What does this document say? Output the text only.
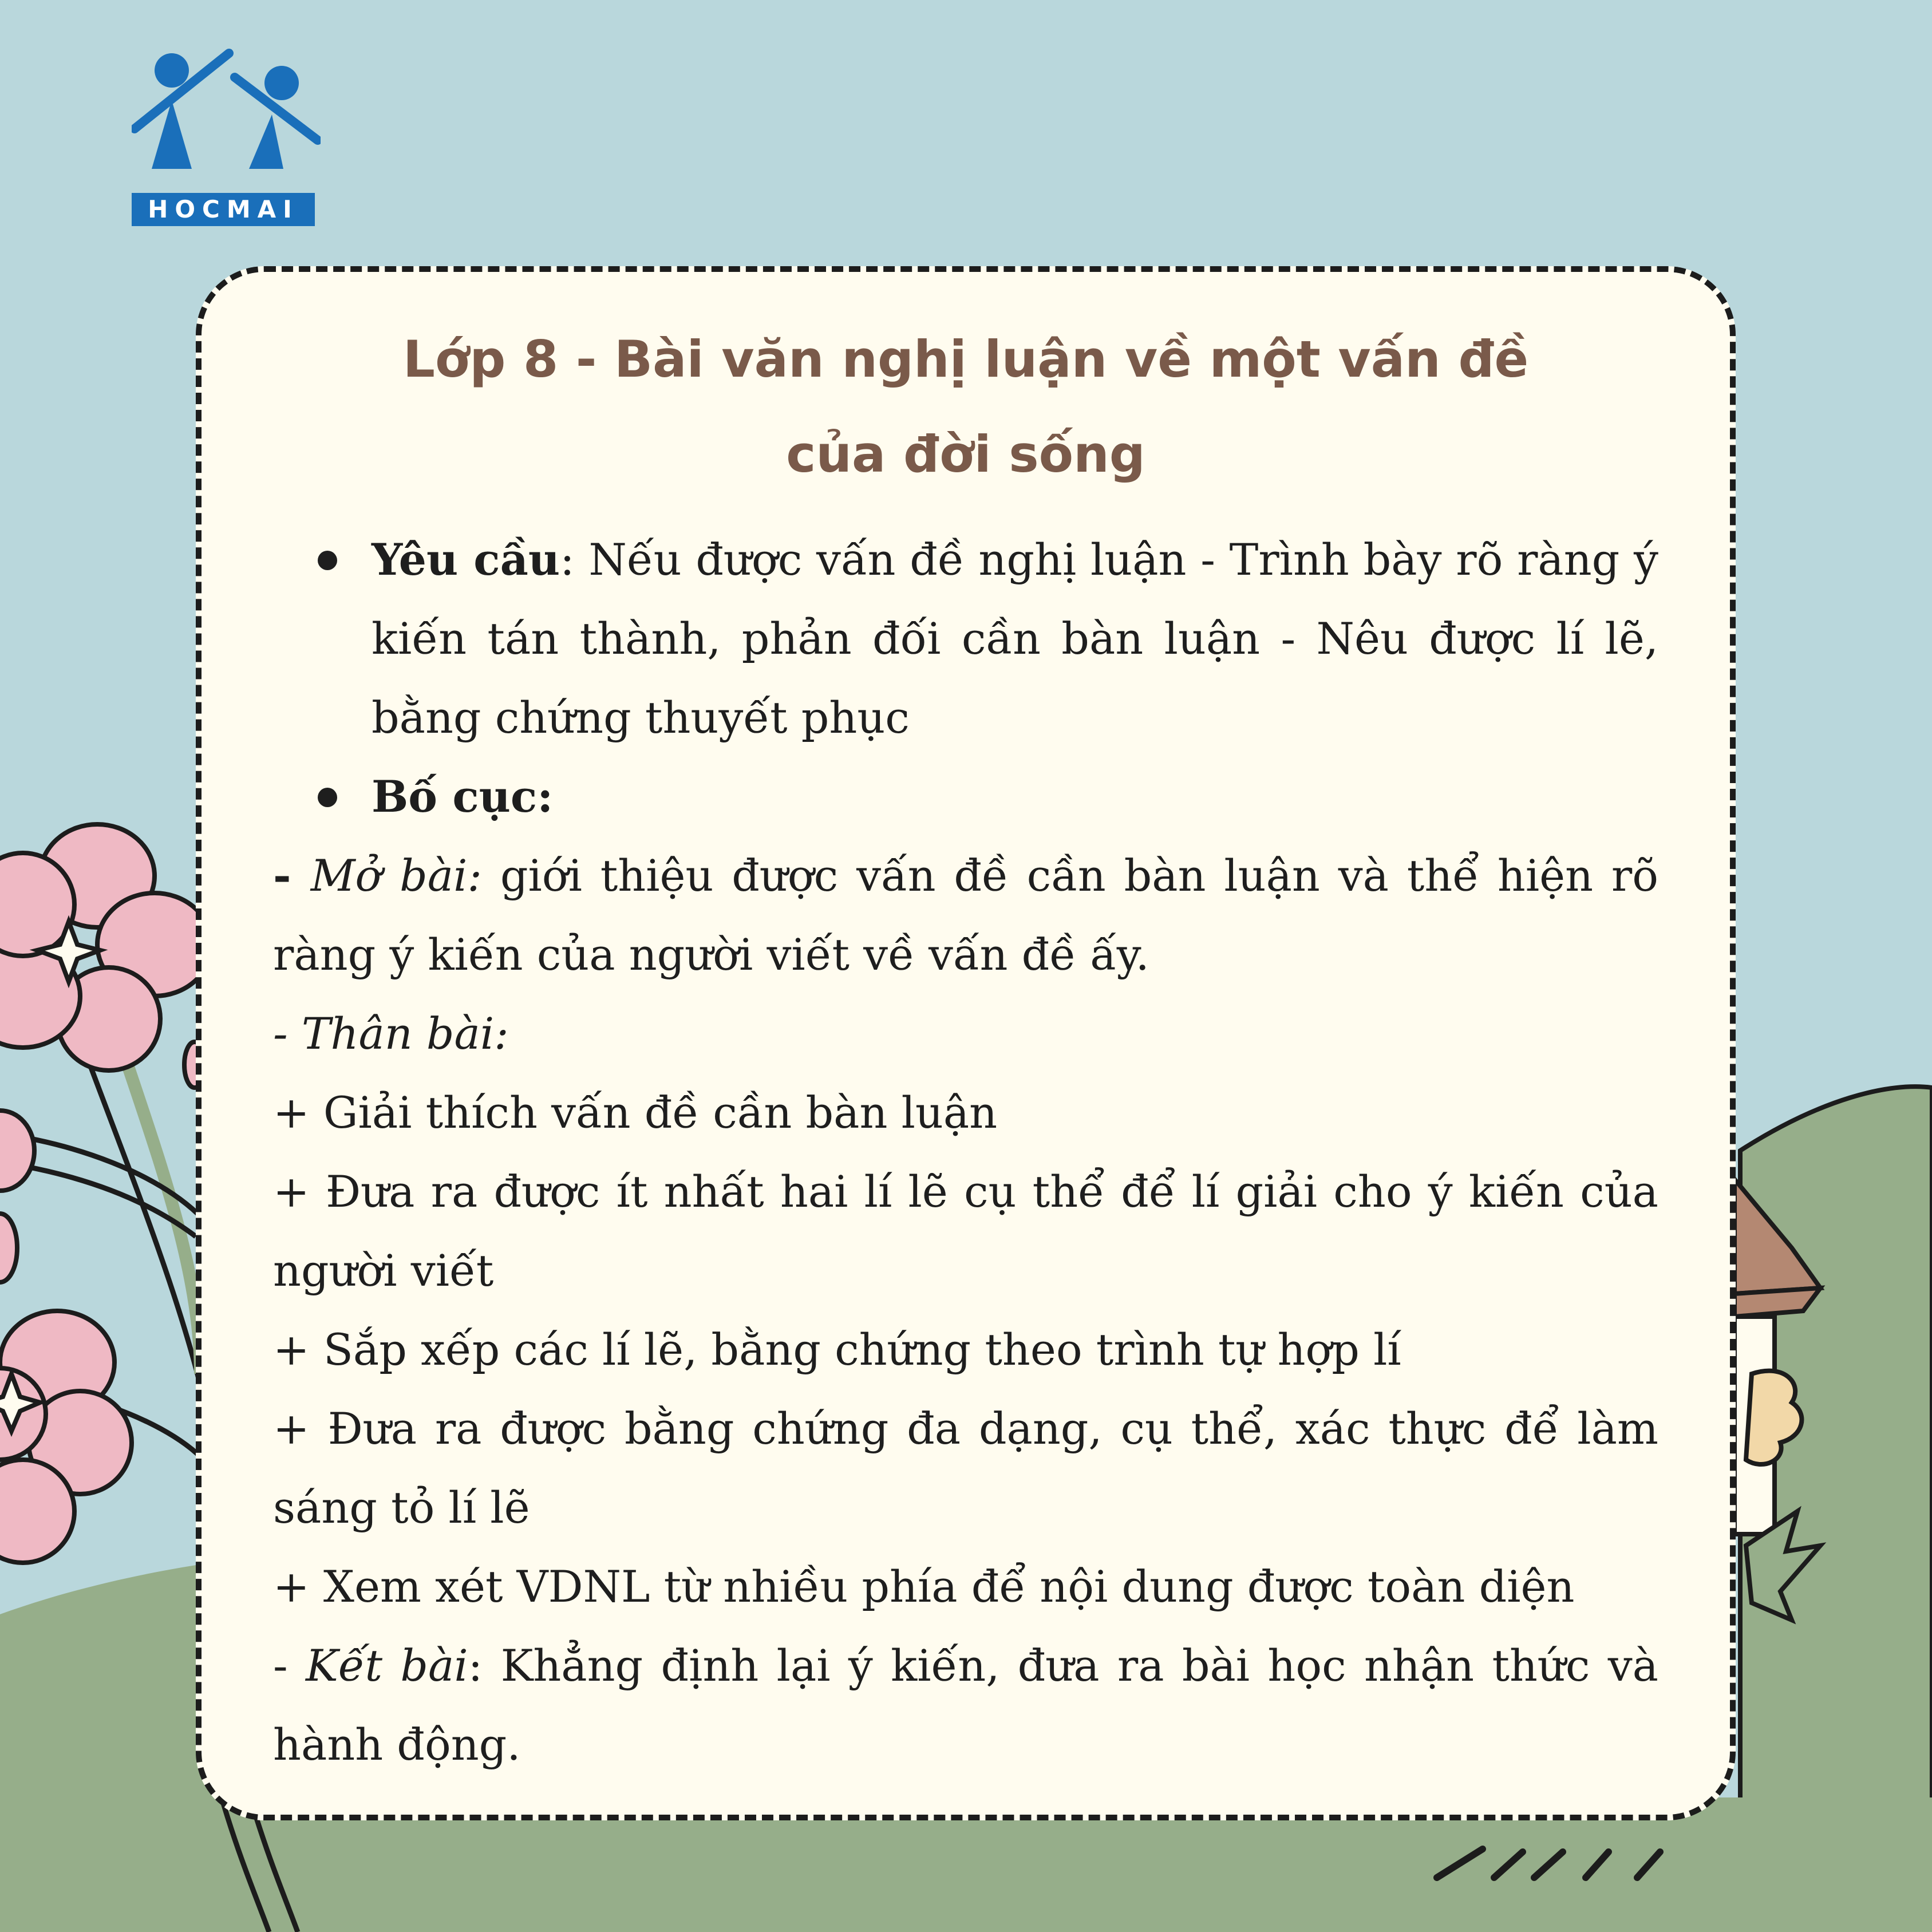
HOCMAI
Lớp 8 - Bài văn nghị luận về một vấn đề
của đời sống
Yêu cầu: Nếu được vấn đề nghị luận - Trình bày rõ ràng ý kiến tán thành, phản đối cần bàn luận - Nêu được lí lẽ, bằng chứng thuyết phục
Bố cục:
- Mở bài: giới thiệu được vấn đề cần bàn luận và thể hiện rõ ràng ý kiến của người viết về vấn đề ấy.
- Thân bài:
+ Giải thích vấn đề cần bàn luận
+ Đưa ra được ít nhất hai lí lẽ cụ thể để lí giải cho ý kiến của người viết
+ Sắp xếp các lí lẽ, bằng chứng theo trình tự hợp lí
+ Đưa ra được bằng chứng đa dạng, cụ thể, xác thực để làm sáng tỏ lí lẽ
+ Xem xét VDNL từ nhiều phía để nội dung được toàn diện
- Kết bài: Khẳng định lại ý kiến, đưa ra bài học nhận thức và hành động.
